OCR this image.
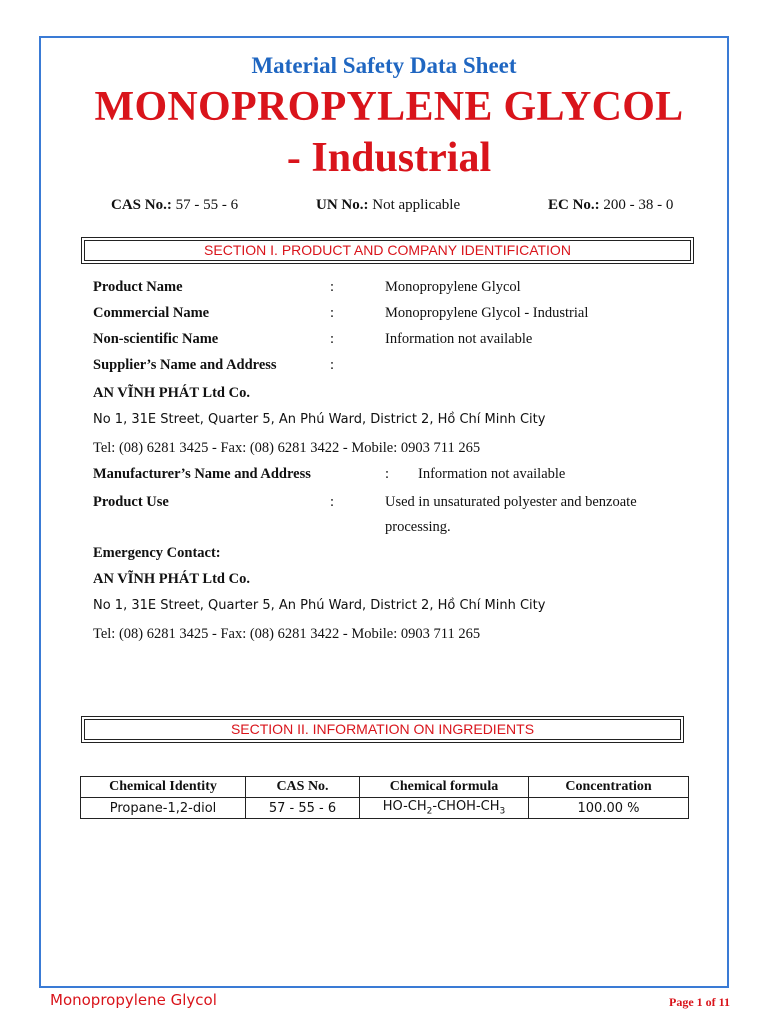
Material Safety Data Sheet
MONOPROPYLENE GLYCOL
- Industrial
CAS No.: 57 - 55 - 6	UN No.: Not applicable	EC No.: 200 - 38 - 0
SECTION I. PRODUCT AND COMPANY IDENTIFICATION
Product Name	:	Monopropylene Glycol
Commercial Name	:	Monopropylene Glycol - Industrial
Non-scientific Name	:	Information not available
Supplier’s Name and Address	:
AN VĨNH PHÁT Ltd Co.
No 1, 31E Street, Quarter 5, An Phú Ward, District 2, Hồ Chí Minh City
Tel: (08) 6281 3425 - Fax: (08) 6281 3422 - Mobile: 0903 711 265
Manufacturer’s Name and Address	: Information not available
Product Use	:	Used in unsaturated polyester and benzoate
processing.
Emergency Contact:
AN VĨNH PHÁT Ltd Co.
No 1, 31E Street, Quarter 5, An Phú Ward, District 2, Hồ Chí Minh City
Tel: (08) 6281 3425 - Fax: (08) 6281 3422 - Mobile: 0903 711 265
SECTION II. INFORMATION ON INGREDIENTS
Chemical Identity	CAS No.	Chemical formula	Concentration
Propane-1,2-diol	57 - 55 - 6	$HO-CH_2-CHOH-CH_3$	100.00 %
Monopropylene Glycol	Page 1 of 11
